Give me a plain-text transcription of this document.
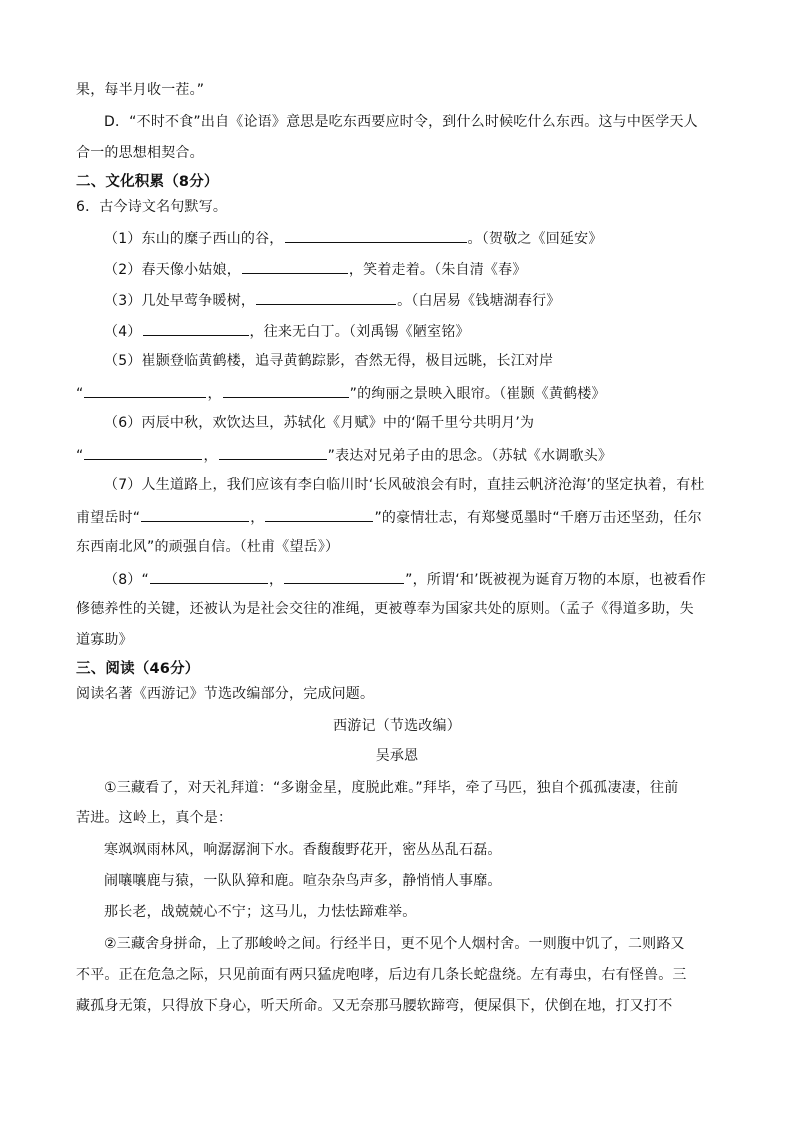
果，每半月收一茬。”
D．“不时不食”出自《论语》意思是吃东西要应时令，到什么时候吃什么东西。这与中医学天人
合一的思想相契合。
二、文化积累（8分）
6．古今诗文名句默写。
（1）东山的糜子西山的谷，	。（贺敬之《回延安》
（2）春天像小姑娘，	，笑着走着。（朱自清《春》
（3）几处早莺争暖树，	。（白居易《钱塘湖春行》
（4）	，往来无白丁。（刘禹锡《陋室铭》
（5）崔颢登临黄鹤楼，追寻黄鹤踪影，杳然无得，极目远眺，长江对岸
“	，	”的绚丽之景映入眼帘。（崔颢《黄鹤楼》
（6）丙辰中秋，欢饮达旦，苏轼化《月赋》中的‘隔千里兮共明月’为
“	，	”表达对兄弟子由的思念。（苏轼《水调歌头》
（7）人生道路上，我们应该有李白临川时‘长风破浪会有时，直挂云帆济沧海’的坚定执着，有杜
甫望岳时“	，	”的豪情壮志，有郑燮觅墨时“千磨万击还坚劲，任尔
东西南北风”的顽强自信。（杜甫《望岳》）
（8）“	，	”，所谓‘和’既被视为诞育万物的本原，也被看作
修德养性的关键，还被认为是社会交往的准绳，更被尊奉为国家共处的原则。（孟子《得道多助，失
道寡助》
三、阅读（46分）
阅读名著《西游记》节选改编部分，完成问题。
西游记（节选改编）
吴承恩
①三藏看了，对天礼拜道：“多谢金星，度脱此难。”拜毕，牵了马匹，独自个孤孤凄凄，往前
苦进。这岭上，真个是：
寒飒飒雨林风，响潺潺涧下水。香馥馥野花开，密丛丛乱石磊。
闹嚷嚷鹿与猿，一队队獐和鹿。喧杂杂鸟声多，静悄悄人事靡。
那长老，战兢兢心不宁；这马儿，力怯怯蹄难举。
②三藏舍身拼命，上了那峻岭之间。行经半日，更不见个人烟村舍。一则腹中饥了，二则路又
不平。正在危急之际，只见前面有两只猛虎咆哮，后边有几条长蛇盘绕。左有毒虫，右有怪兽。三
藏孤身无策，只得放下身心，听天所命。又无奈那马腰软蹄弯，便屎俱下，伏倒在地，打又打不
